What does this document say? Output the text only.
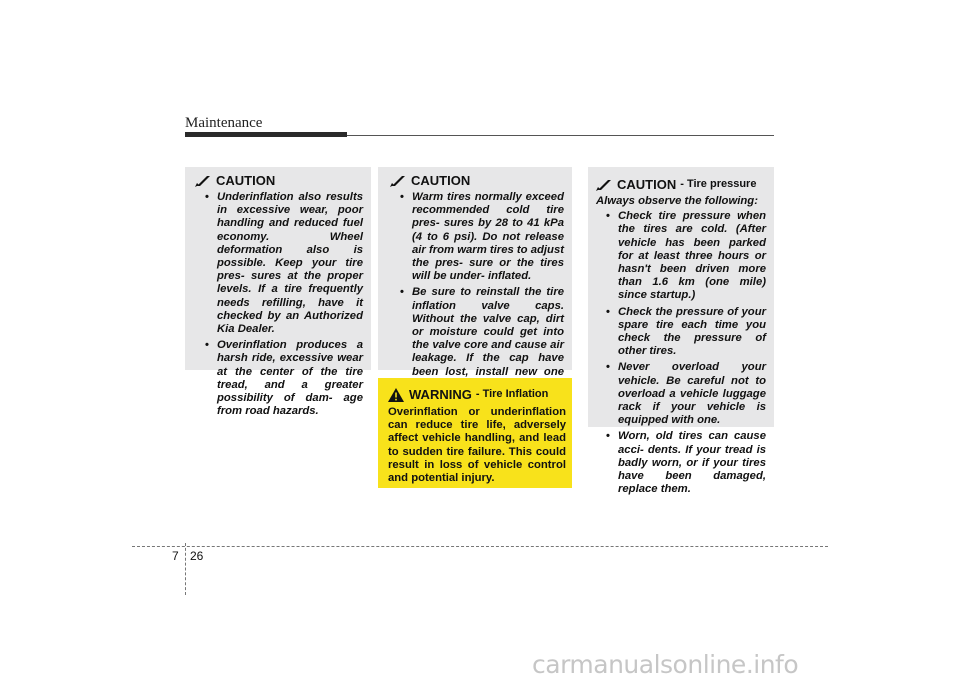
Maintenance
CAUTION
• Underinflation also results in excessive wear, poor handling and reduced fuel economy. Wheel deformation also is possible. Keep your tire pres- sures at the proper levels. If a tire frequently needs refilling, have it checked by an Authorized Kia Dealer.
• Overinflation produces a harsh ride, excessive wear at the center of the tire tread, and a greater possibility of dam- age from road hazards.
CAUTION
• Warm tires normally exceed recommended cold tire pres- sures by 28 to 41 kPa (4 to 6 psi). Do not release air from warm tires to adjust the pres- sure or the tires will be under- inflated.
• Be sure to reinstall the tire inflation valve caps. Without the valve cap, dirt or moisture could get into the valve core and cause air leakage. If the cap have been lost, install new one
WARNING - Tire Inflation
Overinflation or underinflation can reduce tire life, adversely affect vehicle handling, and lead to sudden tire failure. This could result in loss of vehicle control and potential injury.
CAUTION - Tire pressure
Always observe the following:
• Check tire pressure when the tires are cold. (After vehicle has been parked for at least three hours or hasn't been driven more than 1.6 km (one mile) since startup.)
• Check the pressure of your spare tire each time you check the pressure of other tires.
• Never overload your vehicle. Be careful not to overload a vehicle luggage rack if your vehicle is equipped with one.
• Worn, old tires can cause acci- dents. If your tread is badly worn, or if your tires have been damaged, replace them.
7 26
carmanualsonline.info
